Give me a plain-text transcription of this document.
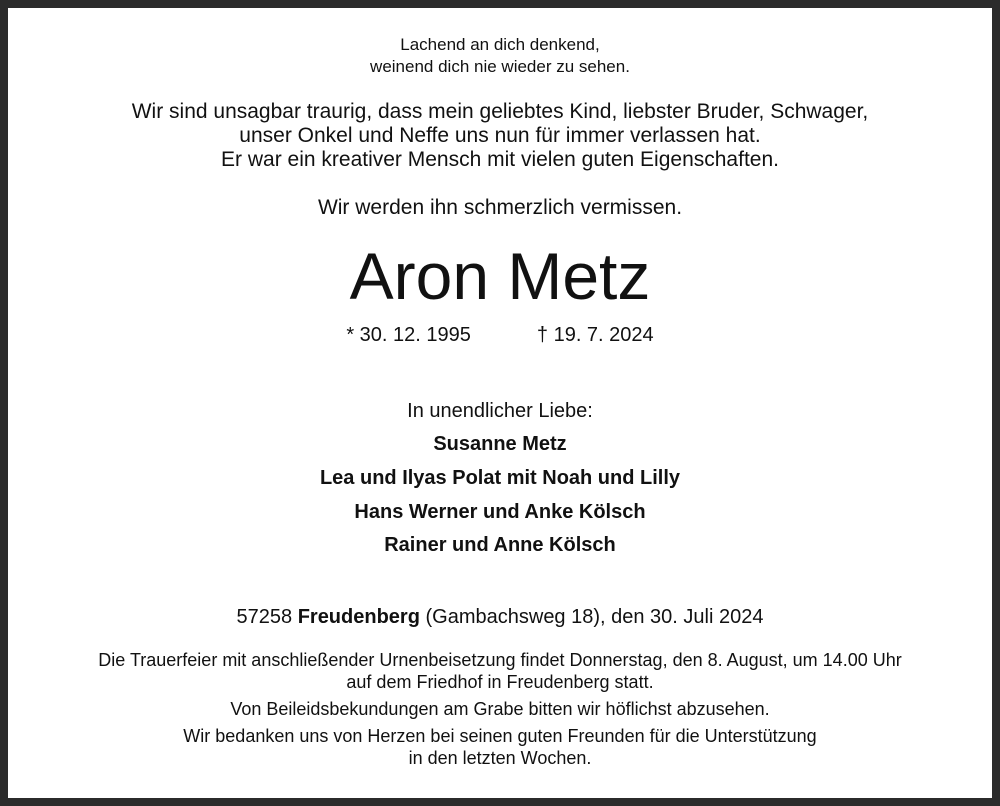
Lachend an dich denkend,
weinend dich nie wieder zu sehen.
Wir sind unsagbar traurig, dass mein geliebtes Kind, liebster Bruder, Schwager,
unser Onkel und Neffe uns nun für immer verlassen hat.
Er war ein kreativer Mensch mit vielen guten Eigenschaften.
Wir werden ihn schmerzlich vermissen.
Aron Metz
* 30. 12. 1995	† 19. 7. 2024
In unendlicher Liebe:
Susanne Metz
Lea und Ilyas Polat mit Noah und Lilly
Hans Werner und Anke Kölsch
Rainer und Anne Kölsch
57258 Freudenberg (Gambachsweg 18), den 30. Juli 2024
Die Trauerfeier mit anschließender Urnenbeisetzung findet Donnerstag, den 8. August, um 14.00 Uhr
auf dem Friedhof in Freudenberg statt.
Von Beileidsbekundungen am Grabe bitten wir höflichst abzusehen.
Wir bedanken uns von Herzen bei seinen guten Freunden für die Unterstützung
in den letzten Wochen.
